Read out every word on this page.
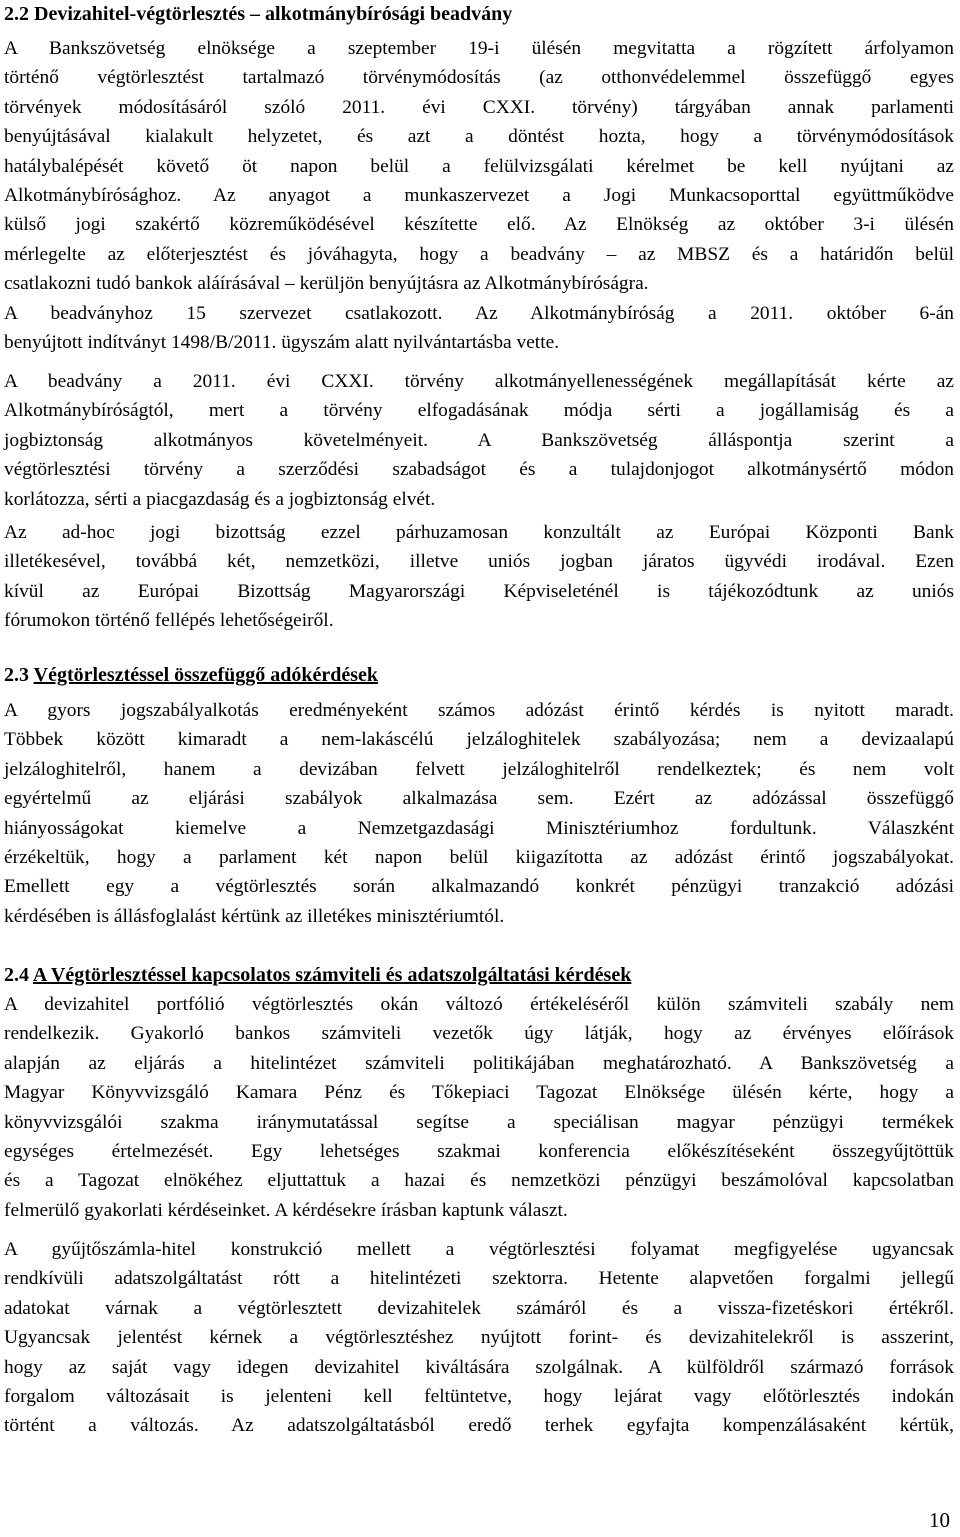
2.2 Devizahitel-végtörlesztés – alkotmánybírósági beadvány
A Bankszövetség elnöksége a szeptember 19-i ülésén megvitatta a rögzített árfolyamon
történő végtörlesztést tartalmazó törvénymódosítás (az otthonvédelemmel összefüggő egyes
törvények módosításáról szóló 2011. évi CXXI. törvény) tárgyában annak parlamenti
benyújtásával kialakult helyzetet, és azt a döntést hozta, hogy a törvénymódosítások
hatálybalépését követő öt napon belül a felülvizsgálati kérelmet be kell nyújtani az
Alkotmánybírósághoz. Az anyagot a munkaszervezet a Jogi Munkacsoporttal együttműködve
külső jogi szakértő közreműködésével készítette elő. Az Elnökség az október 3-i ülésén
mérlegelte az előterjesztést és jóváhagyta, hogy a beadvány – az MBSZ és a határidőn belül
csatlakozni tudó bankok aláírásával – kerüljön benyújtásra az Alkotmánybíróságra.
A beadványhoz 15 szervezet csatlakozott. Az Alkotmánybíróság a 2011. október 6-án
benyújtott indítványt 1498/B/2011. ügyszám alatt nyilvántartásba vette.
A beadvány a 2011. évi CXXI. törvény alkotmányellenességének megállapítását kérte az
Alkotmánybíróságtól, mert a törvény elfogadásának módja sérti a jogállamiság és a
jogbiztonság alkotmányos követelményeit. A Bankszövetség álláspontja szerint a
végtörlesztési törvény a szerződési szabadságot és a tulajdonjogot alkotmánysértő módon
korlátozza, sérti a piacgazdaság és a jogbiztonság elvét.
Az ad-hoc jogi bizottság ezzel párhuzamosan konzultált az Európai Központi Bank
illetékesével, továbbá két, nemzetközi, illetve uniós jogban járatos ügyvédi irodával. Ezen
kívül az Európai Bizottság Magyarországi Képviseleténél is tájékozódtunk az uniós
fórumokon történő fellépés lehetőségeiről.
2.3 Végtörlesztéssel összefüggő adókérdések
A gyors jogszabályalkotás eredményeként számos adózást érintő kérdés is nyitott maradt.
Többek között kimaradt a nem-lakáscélú jelzáloghitelek szabályozása; nem a devizaalapú
jelzáloghitelről, hanem a devizában felvett jelzáloghitelről rendelkeztek; és nem volt
egyértelmű az eljárási szabályok alkalmazása sem. Ezért az adózással összefüggő
hiányosságokat kiemelve a Nemzetgazdasági Minisztériumhoz fordultunk. Válaszként
érzékeltük, hogy a parlament két napon belül kiigazította az adózást érintő jogszabályokat.
Emellett egy a végtörlesztés során alkalmazandó konkrét pénzügyi tranzakció adózási
kérdésében is állásfoglalást kértünk az illetékes minisztériumtól.
2.4 A Végtörlesztéssel kapcsolatos számviteli és adatszolgáltatási kérdések
A devizahitel portfólió végtörlesztés okán változó értékeléséről külön számviteli szabály nem
rendelkezik. Gyakorló bankos számviteli vezetők úgy látják, hogy az érvényes előírások
alapján az eljárás a hitelintézet számviteli politikájában meghatározható. A Bankszövetség a
Magyar Könyvvizsgáló Kamara Pénz és Tőkepiaci Tagozat Elnöksége ülésén kérte, hogy a
könyvvizsgálói szakma iránymutatással segítse a speciálisan magyar pénzügyi termékek
egységes értelmezését. Egy lehetséges szakmai konferencia előkészítéseként összegyűjtöttük
és a Tagozat elnökéhez eljuttattuk a hazai és nemzetközi pénzügyi beszámolóval kapcsolatban
felmerülő gyakorlati kérdéseinket. A kérdésekre írásban kaptunk választ.
A gyűjtőszámla-hitel konstrukció mellett a végtörlesztési folyamat megfigyelése ugyancsak
rendkívüli adatszolgáltatást rótt a hitelintézeti szektorra. Hetente alapvetően forgalmi jellegű
adatokat várnak a végtörlesztett devizahitelek számáról és a vissza-fizetéskori értékről.
Ugyancsak jelentést kérnek a végtörlesztéshez nyújtott forint- és devizahitelekről is asszerint,
hogy az saját vagy idegen devizahitel kiváltására szolgálnak. A külföldről származó források
forgalom változásait is jelenteni kell feltüntetve, hogy lejárat vagy előtörlesztés indokán
történt a változás. Az adatszolgáltatásból eredő terhek egyfajta kompenzálásaként kértük,
10
